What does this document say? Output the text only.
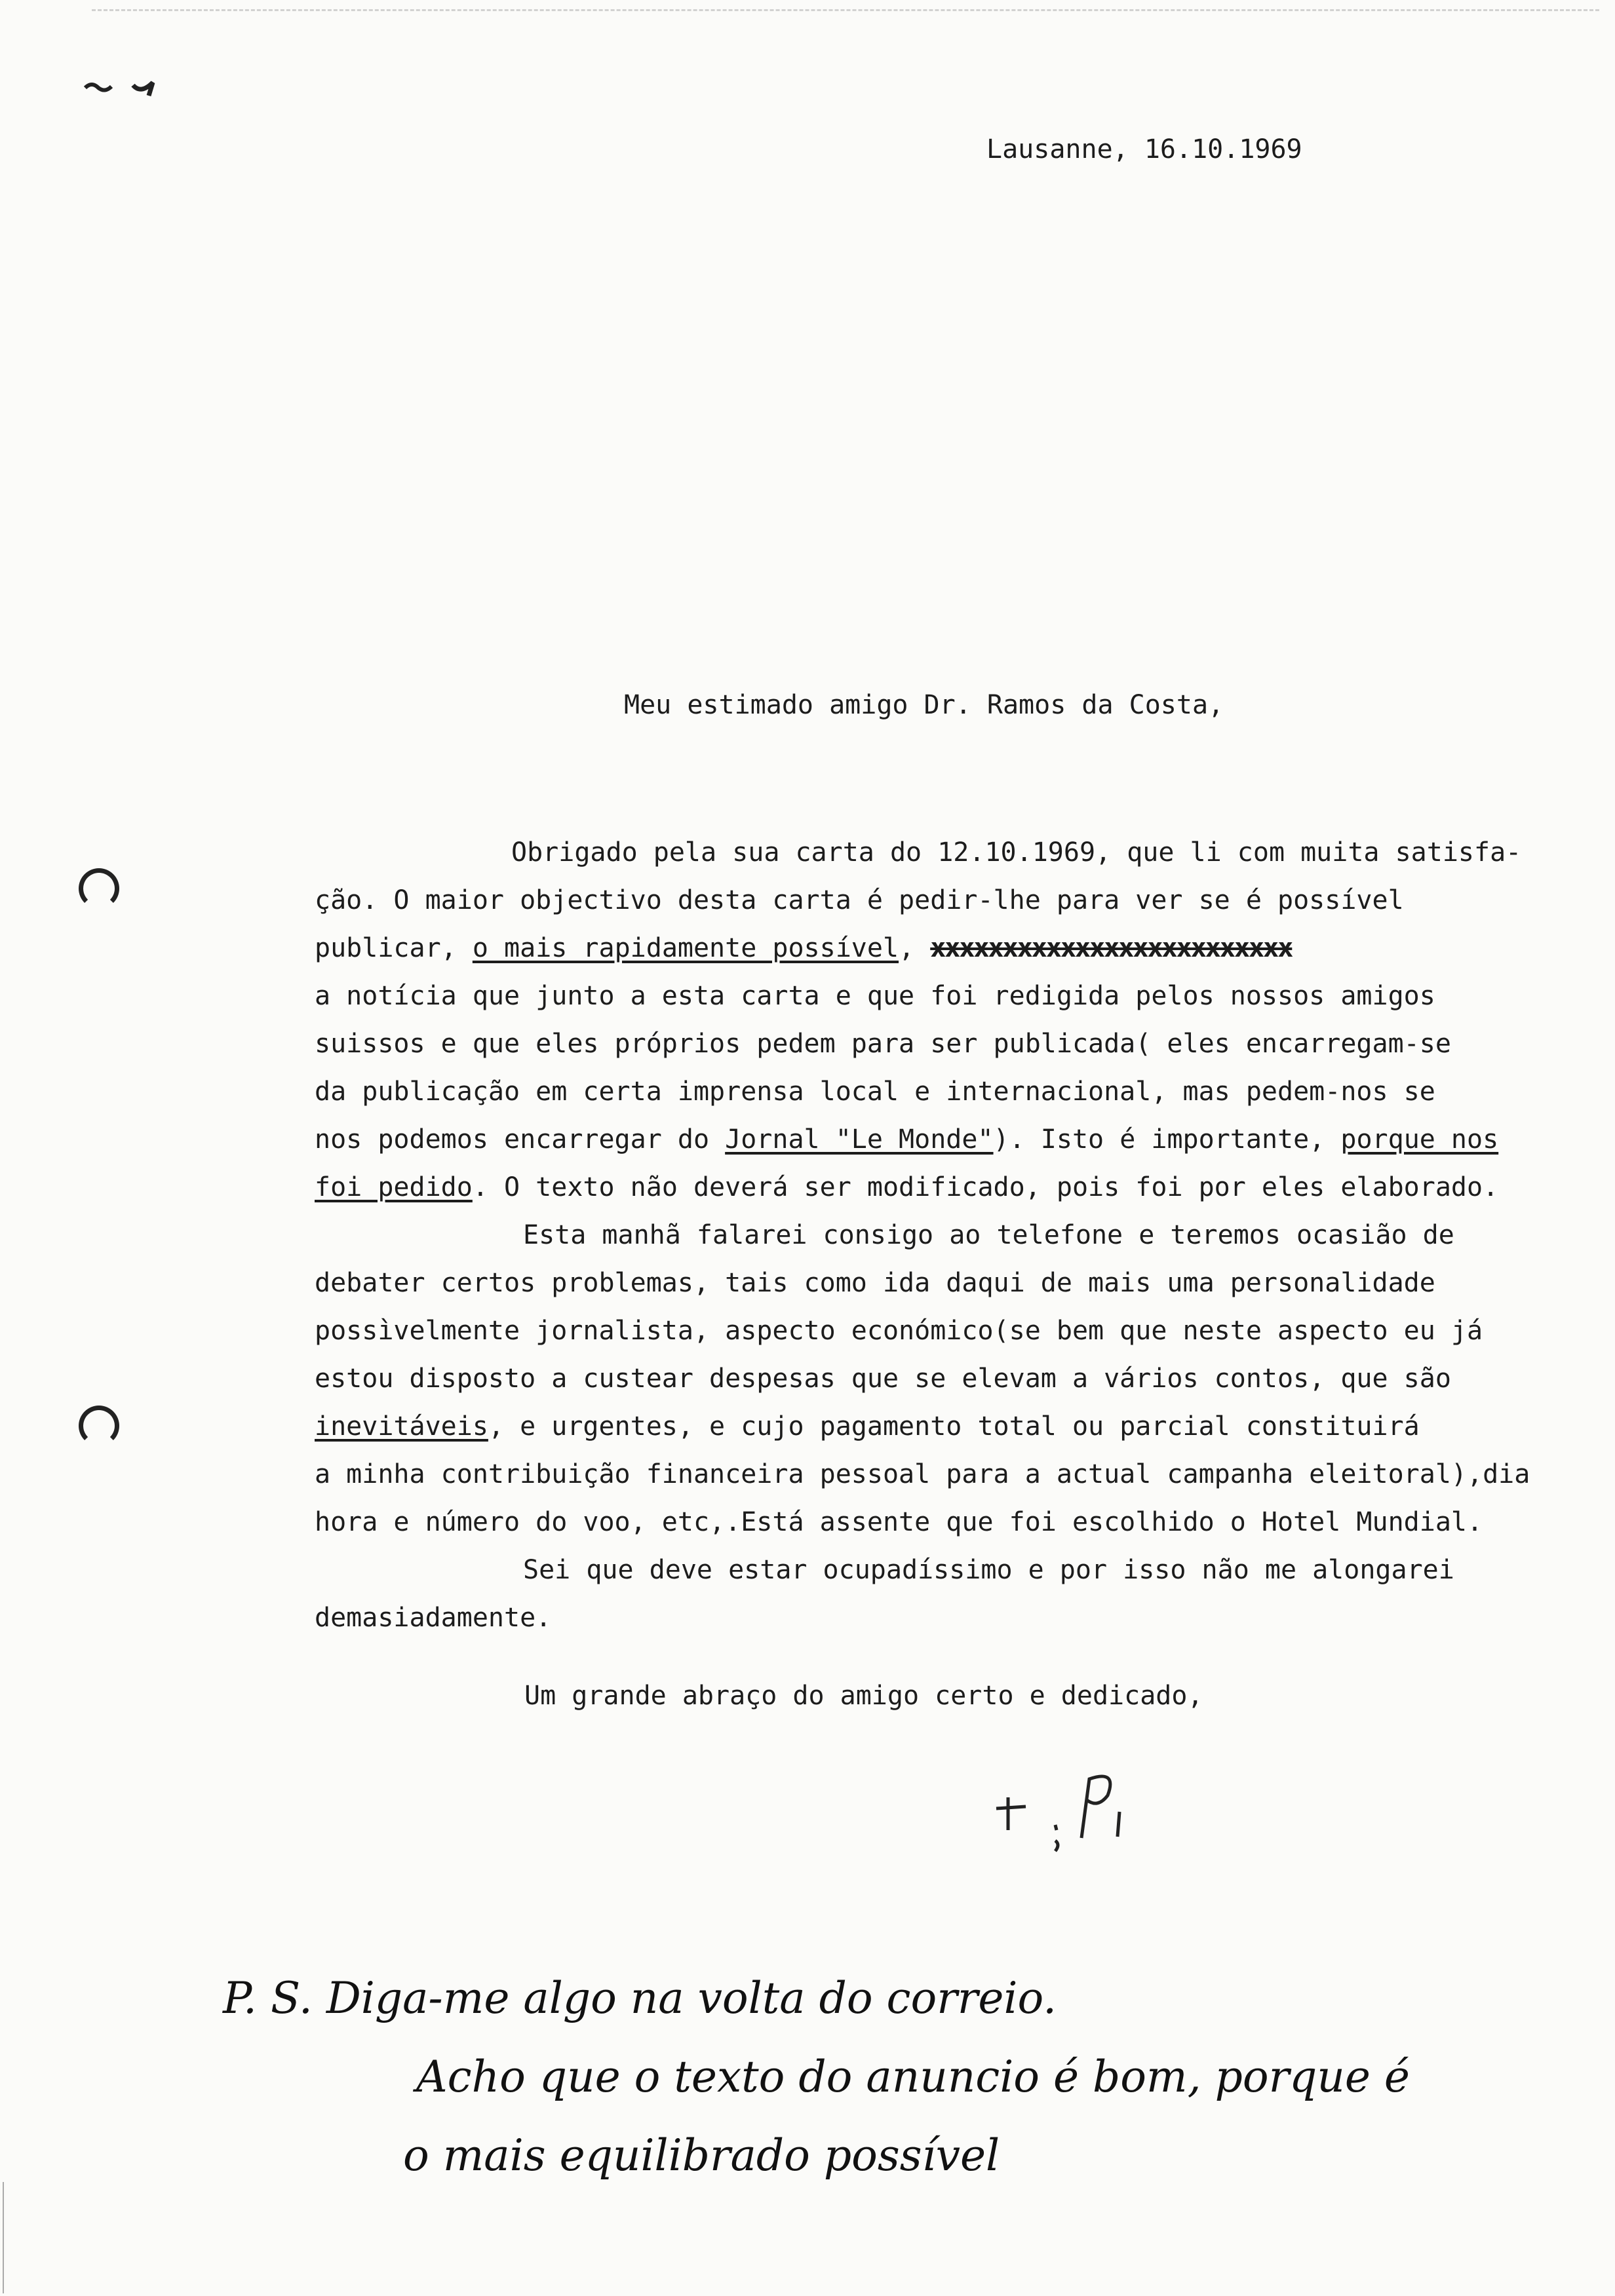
Lausanne, 16.10.1969
Meu estimado amigo Dr. Ramos da Costa,
Obrigado pela sua carta do 12.10.1969, que li com muita satisfa-
ção. O maior objectivo desta carta é pedir-lhe para ver se é possível
publicar, o mais rapidamente possível, xxxxxxxxxxxxxxxxxxxxxxxxx
a notícia que junto a esta carta e que foi redigida pelos nossos amigos
suissos e que eles próprios pedem para ser publicada( eles encarregam-se
da publicação em certa imprensa local e internacional, mas pedem-nos se
nos podemos encarregar do Jornal "Le Monde"). Isto é importante, porque nos
foi pedido. O texto não deverá ser modificado, pois foi por eles elaborado.
Esta manhã falarei consigo ao telefone e teremos ocasião de
debater certos problemas, tais como ida daqui de mais uma personalidade
possìvelmente jornalista, aspecto económico(se bem que neste aspecto eu já
estou disposto a custear despesas que se elevam a vários contos, que são
inevitáveis, e urgentes, e cujo pagamento total ou parcial constituirá
a minha contribuição financeira pessoal para a actual campanha eleitoral),dia
hora e número do voo, etc,.Está assente que foi escolhido o Hotel Mundial.
Sei que deve estar ocupadíssimo e por isso não me alongarei
demasiadamente.
Um grande abraço do amigo certo e dedicado,
P. S. Diga-me algo na volta do correio.
Acho que o texto do anuncio é bom, porque é
o mais equilibrado possível
